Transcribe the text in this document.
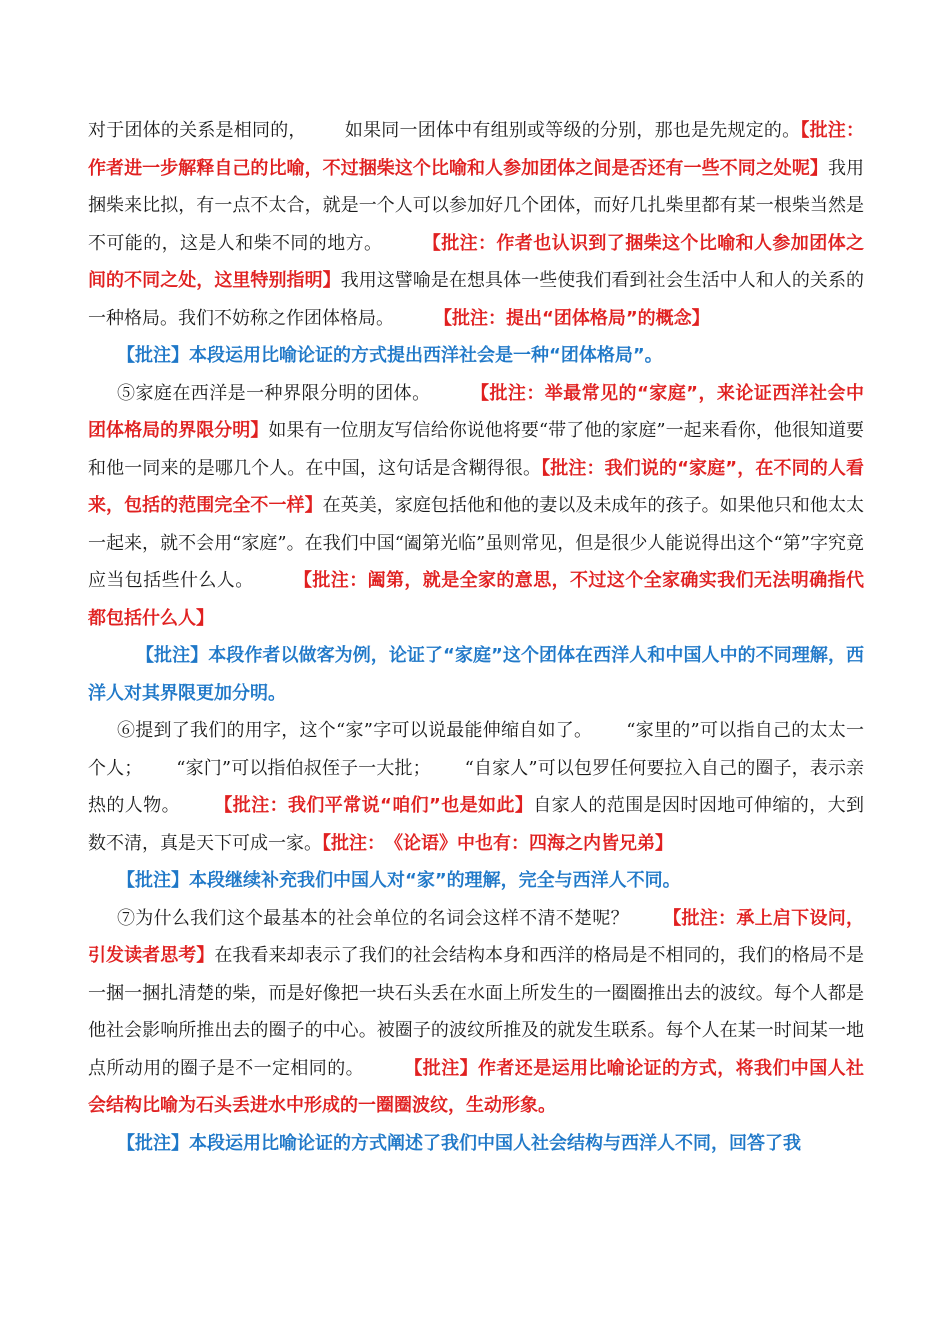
对于团体的关系是相同的， 如果同一团体中有组别或等级的分别，那也是先规定的。【批注：作者进一步解释自己的比喻，不过捆柴这个比喻和人参加团体之间是否还有一些不同之处呢】我用捆柴来比拟，有一点不太合，就是一个人可以参加好几个团体，而好几扎柴里都有某一根柴当然是不可能的，这是人和柴不同的地方。 【批注：作者也认识到了捆柴这个比喻和人参加团体之间的不同之处，这里特别指明】我用这譬喻是在想具体一些使我们看到社会生活中人和人的关系的一种格局。我们不妨称之作团体格局。 【批注：提出“团体格局”的概念】

【批注】本段运用比喻论证的方式提出西洋社会是一种“团体格局”。

⑤家庭在西洋是一种界限分明的团体。 【批注：举最常见的“家庭”，来论证西洋社会中团体格局的界限分明】如果有一位朋友写信给你说他将要“带了他的家庭”一起来看你，他很知道要和他一同来的是哪几个人。在中国，这句话是含糊得很。【批注：我们说的“家庭”，在不同的人看来，包括的范围完全不一样】在英美，家庭包括他和他的妻以及未成年的孩子。如果他只和他太太一起来，就不会用“家庭”。在我们中国“阖第光临”虽则常见，但是很少人能说得出这个“第”字究竟应当包括些什么人。 【批注：阖第，就是全家的意思，不过这个全家确实我们无法明确指代都包括什么人】

【批注】本段作者以做客为例，论证了“家庭”这个团体在西洋人和中国人中的不同理解，西洋人对其界限更加分明。

⑥提到了我们的用字，这个“家”字可以说最能伸缩自如了。 “家里的”可以指自己的太太一个人； “家门”可以指伯叔侄子一大批； “自家人”可以包罗任何要拉入自己的圈子，表示亲热的人物。 【批注：我们平常说“咱们”也是如此】自家人的范围是因时因地可伸缩的，大到数不清，真是天下可成一家。【批注：　《论语》中也有：四海之内皆兄弟】

【批注】本段继续补充我们中国人对“家”的理解，完全与西洋人不同。

⑦为什么我们这个最基本的社会单位的名词会这样不清不楚呢？ 【批注：承上启下设问，引发读者思考】在我看来却表示了我们的社会结构本身和西洋的格局是不相同的，我们的格局不是一捆一捆扎清楚的柴，而是好像把一块石头丢在水面上所发生的一圈圈推出去的波纹。每个人都是他社会影响所推出去的圈子的中心。被圈子的波纹所推及的就发生联系。每个人在某一时间某一地点所动用的圈子是不一定相同的。 【批注】作者还是运用比喻论证的方式，将我们中国人社会结构比喻为石头丢进水中形成的一圈圈波纹，生动形象。

【批注】本段运用比喻论证的方式阐述了我们中国人社会结构与西洋人不同，回答了我
